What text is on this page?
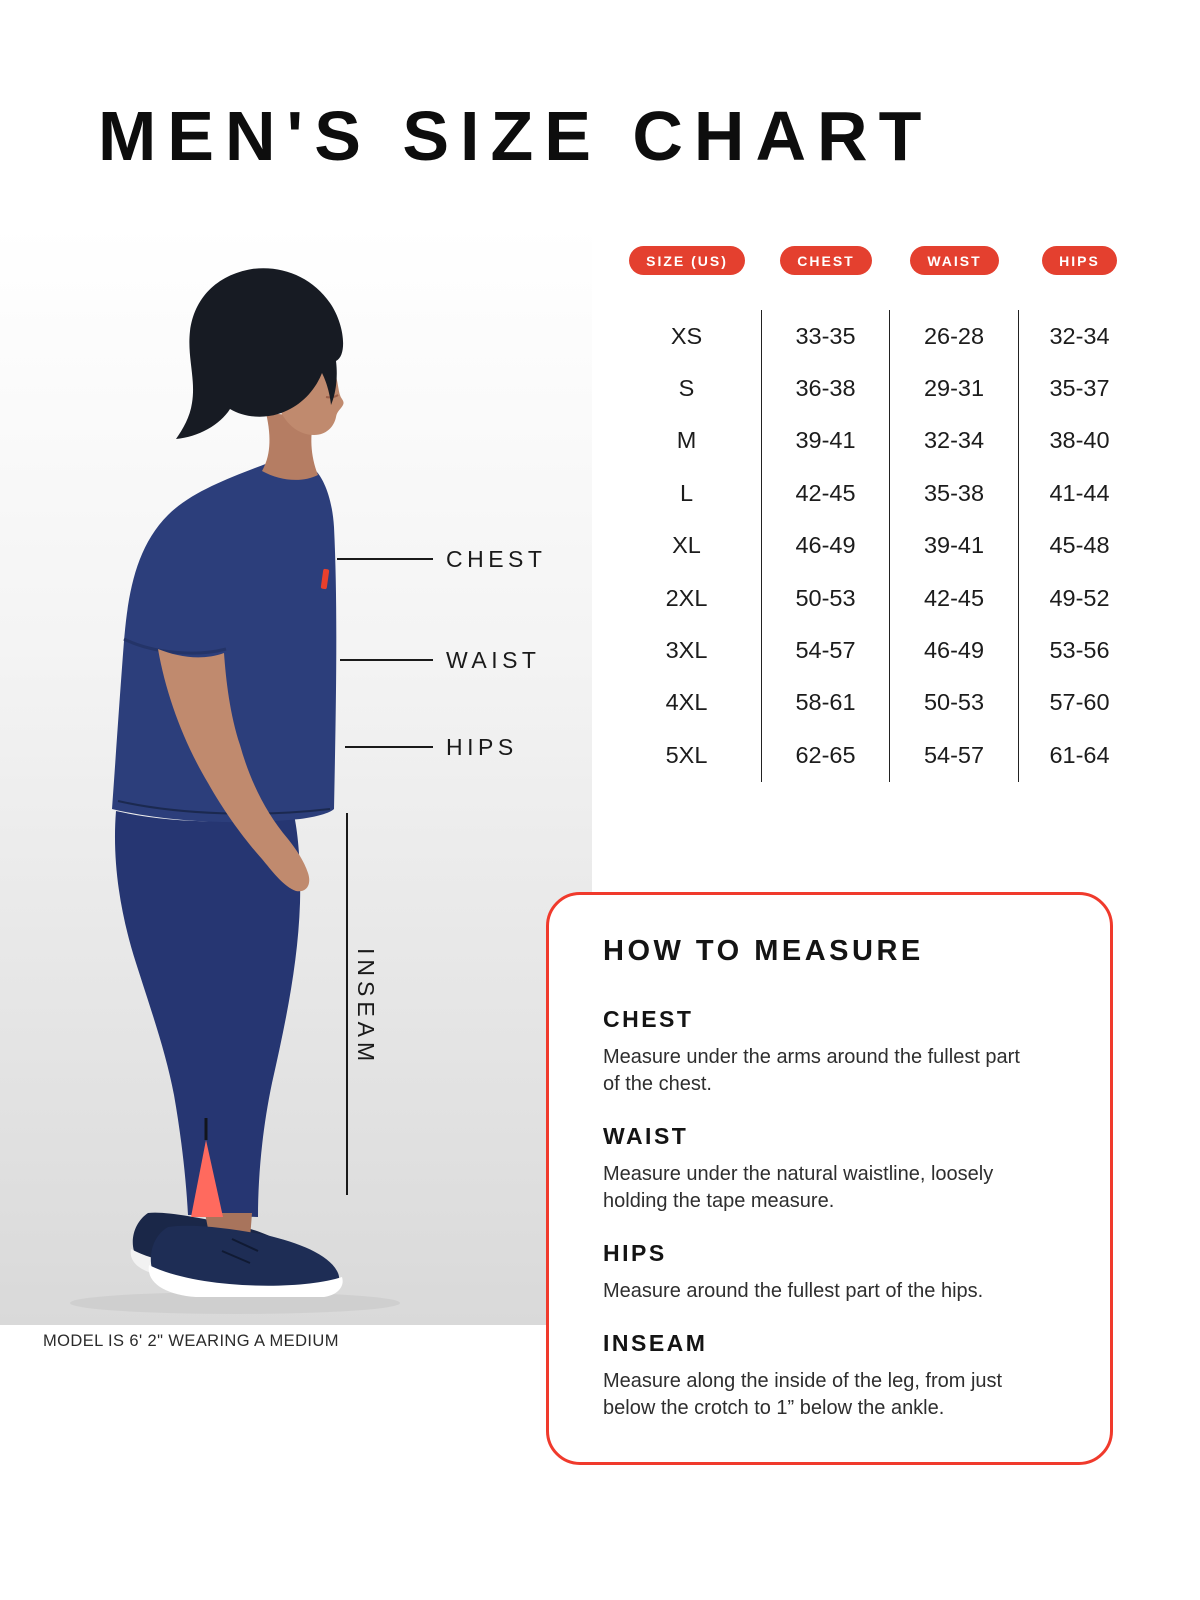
MEN'S SIZE CHART
CHEST
WAIST
HIPS
INSEAM
MODEL IS 6' 2" WEARING A MEDIUM
SIZE (US)	CHEST	WAIST	HIPS
XS	33-35	26-28	32-34
S	36-38	29-31	35-37
M	39-41	32-34	38-40
L	42-45	35-38	41-44
XL	46-49	39-41	45-48
2XL	50-53	42-45	49-52
3XL	54-57	46-49	53-56
4XL	58-61	50-53	57-60
5XL	62-65	54-57	61-64
HOW TO MEASURE
CHEST
Measure under the arms around the fullest part of the chest.
WAIST
Measure under the natural waistline, loosely holding the tape measure.
HIPS
Measure around the fullest part of the hips.
INSEAM
Measure along the inside of the leg, from just below the crotch to 1” below the ankle.
